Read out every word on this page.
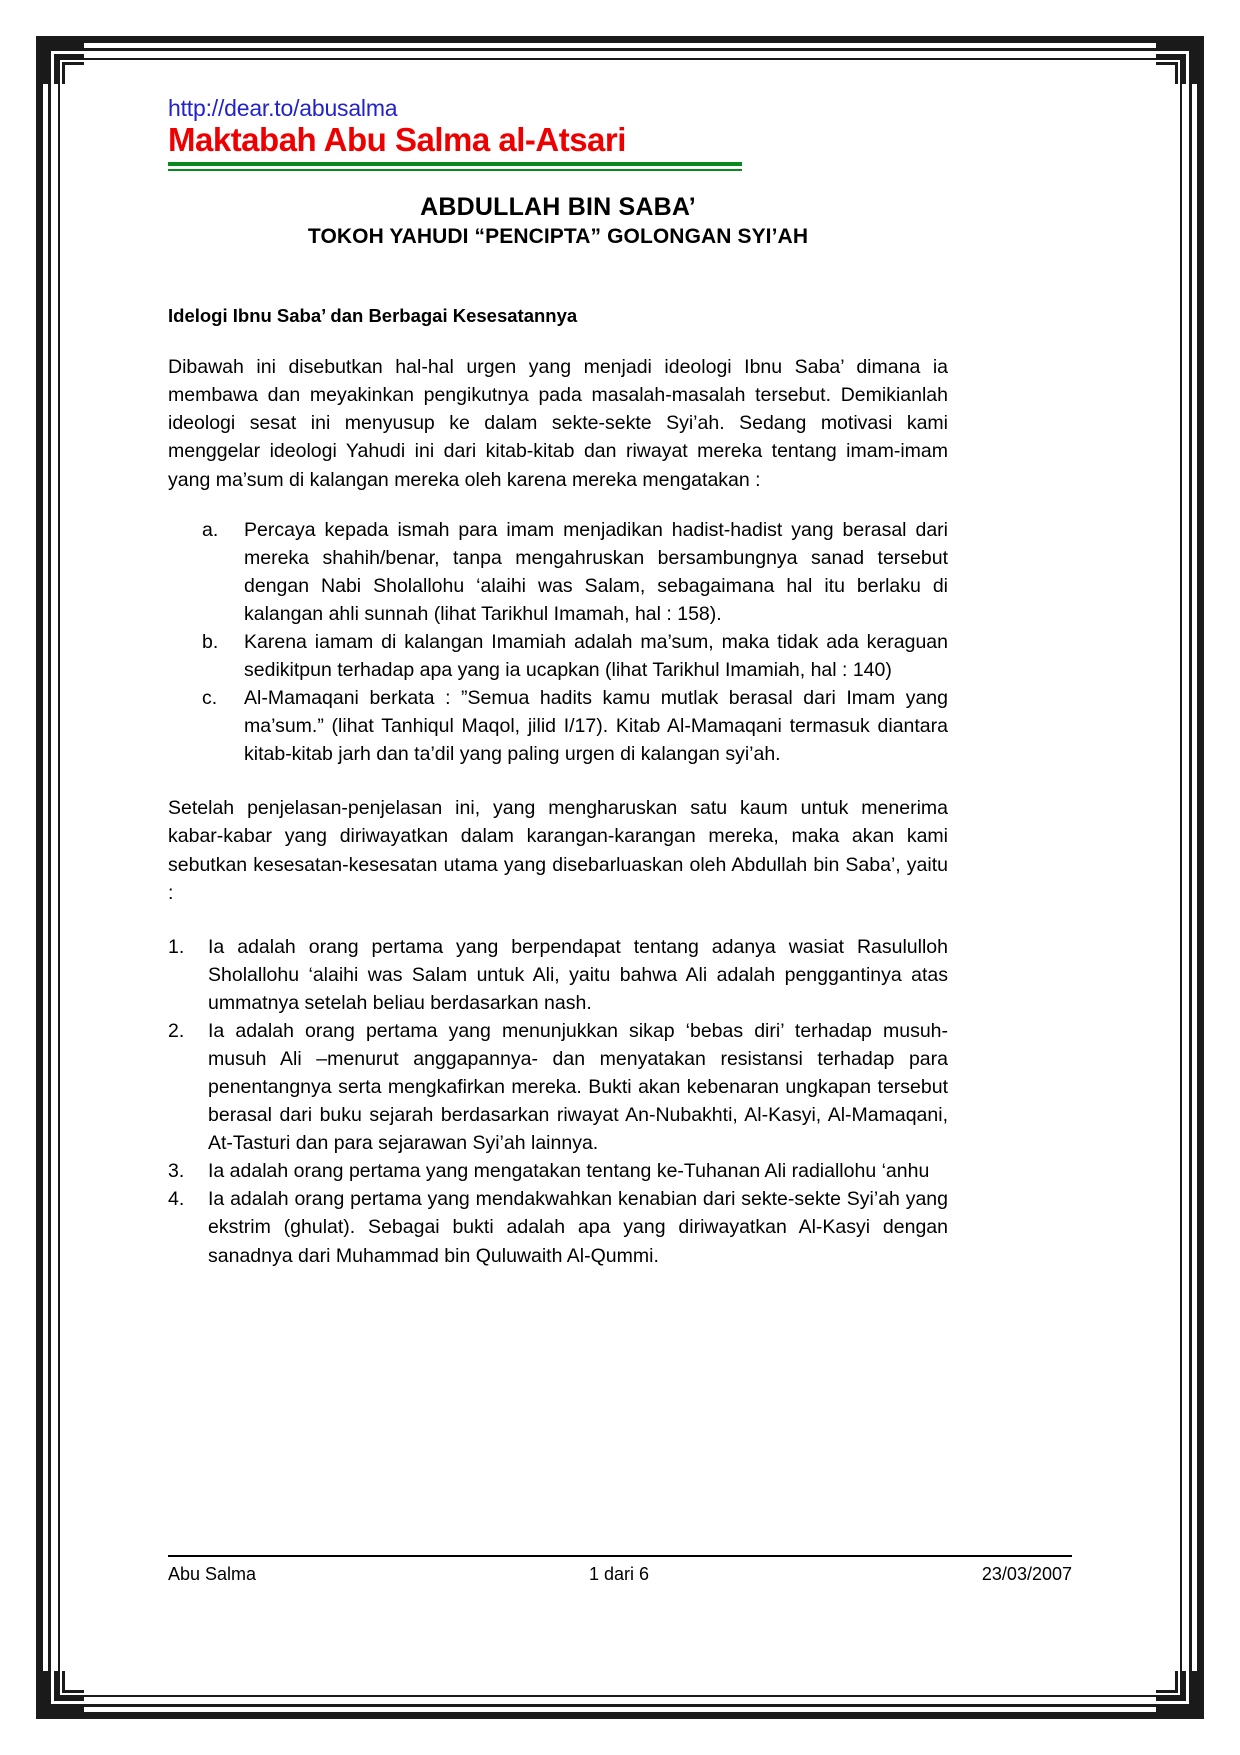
http://dear.to/abusalma
Maktabah Abu Salma al-Atsari
ABDULLAH BIN SABA’
TOKOH YAHUDI “PENCIPTA” GOLONGAN SYI’AH
Idelogi Ibnu Saba’ dan Berbagai Kesesatannya

Dibawah ini disebutkan hal-hal urgen yang menjadi ideologi Ibnu Saba’ dimana ia membawa dan meyakinkan pengikutnya pada masalah-masalah tersebut. Demikianlah ideologi sesat ini menyusup ke dalam sekte-sekte Syi’ah. Sedang motivasi kami menggelar ideologi Yahudi ini dari kitab-kitab dan riwayat mereka tentang imam-imam yang ma’sum di kalangan mereka oleh karena mereka mengatakan :

a.	Percaya kepada ismah para imam menjadikan hadist-hadist yang berasal dari mereka shahih/benar, tanpa mengahruskan bersambungnya sanad tersebut dengan Nabi Sholallohu ‘alaihi was Salam, sebagaimana hal itu berlaku di kalangan ahli sunnah (lihat Tarikhul Imamah, hal : 158).
b.	Karena iamam di kalangan Imamiah adalah ma’sum, maka tidak ada keraguan sedikitpun terhadap apa yang ia ucapkan (lihat Tarikhul Imamiah, hal : 140)
c.	Al-Mamaqani berkata : ”Semua hadits kamu mutlak berasal dari Imam yang ma’sum.” (lihat Tanhiqul Maqol, jilid I/17). Kitab Al-Mamaqani termasuk diantara kitab-kitab jarh dan ta’dil yang paling urgen di kalangan syi’ah.

Setelah penjelasan-penjelasan ini, yang mengharuskan satu kaum untuk menerima kabar-kabar yang diriwayatkan dalam karangan-karangan mereka, maka akan kami sebutkan kesesatan-kesesatan utama yang disebarluaskan oleh Abdullah bin Saba’, yaitu :

1.	Ia adalah orang pertama yang berpendapat tentang adanya wasiat Rasululloh Sholallohu ‘alaihi was Salam untuk Ali, yaitu bahwa Ali adalah penggantinya atas ummatnya setelah beliau berdasarkan nash.
2.	Ia adalah orang pertama yang menunjukkan sikap ‘bebas diri’ terhadap musuh-musuh Ali –menurut anggapannya- dan menyatakan resistansi terhadap para penentangnya serta mengkafirkan mereka. Bukti akan kebenaran ungkapan tersebut berasal dari buku sejarah berdasarkan riwayat An-Nubakhti, Al-Kasyi, Al-Mamaqani, At-Tasturi dan para sejarawan Syi’ah lainnya.
3.	Ia adalah orang pertama yang mengatakan tentang ke-Tuhanan Ali radiallohu ‘anhu
4.	Ia adalah orang pertama yang mendakwahkan kenabian dari sekte-sekte Syi’ah yang ekstrim (ghulat). Sebagai bukti adalah apa yang diriwayatkan Al-Kasyi dengan sanadnya dari Muhammad bin Quluwaith Al-Qummi.
Abu Salma	1 dari 6	23/03/2007
